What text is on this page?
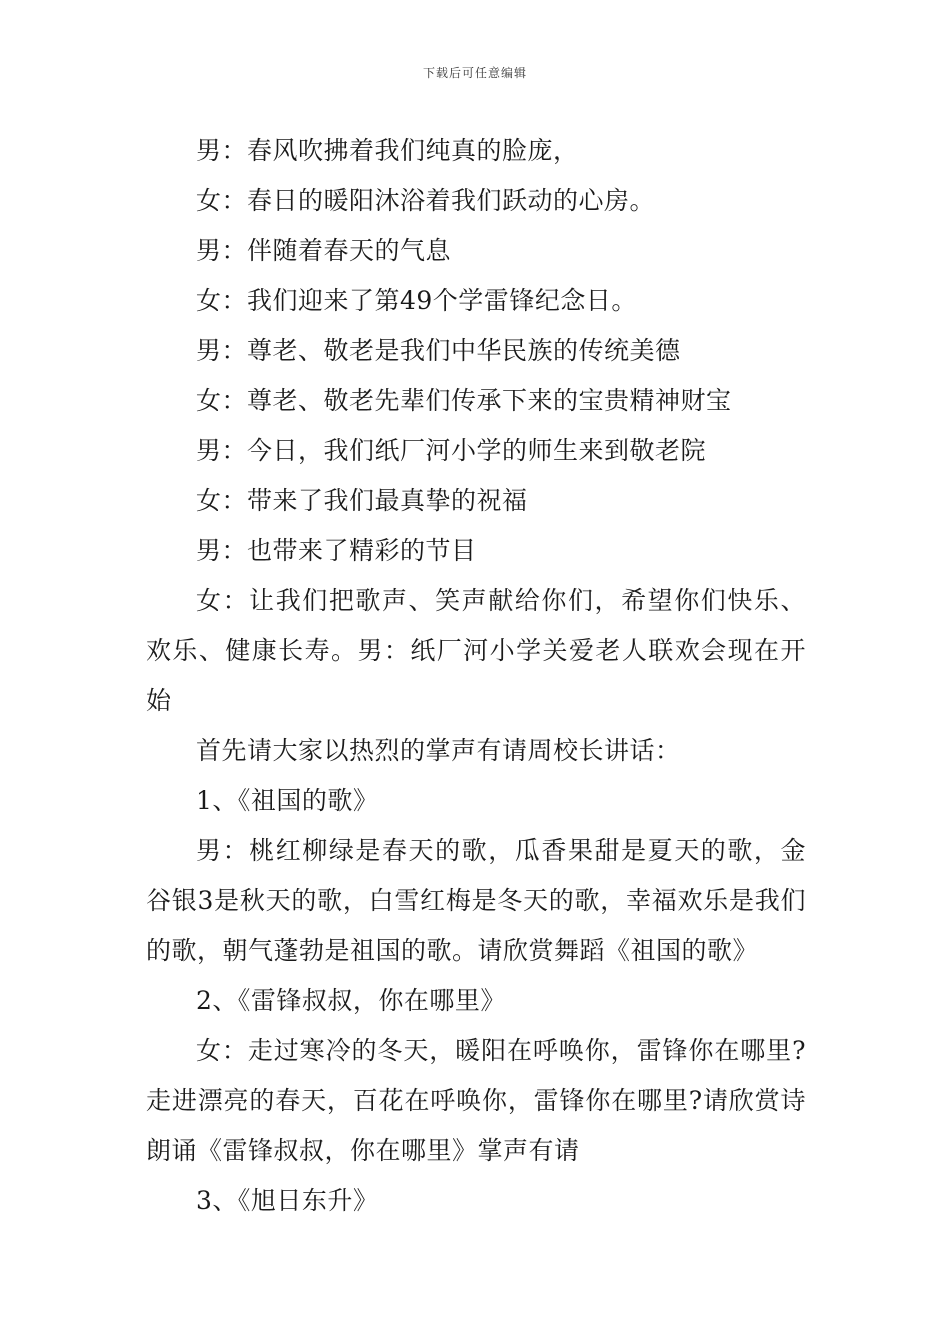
下载后可任意编辑

男：春风吹拂着我们纯真的脸庞，

女：春日的暖阳沐浴着我们跃动的心房。

男：伴随着春天的气息

女：我们迎来了第49个学雷锋纪念日。

男：尊老、敬老是我们中华民族的传统美德

女：尊老、敬老先辈们传承下来的宝贵精神财宝

男：今日，我们纸厂河小学的师生来到敬老院

女：带来了我们最真挚的祝福

男：也带来了精彩的节目

女：让我们把歌声、笑声献给你们，希望你们快乐、欢乐、健康长寿。男：纸厂河小学关爱老人联欢会现在开始

首先请大家以热烈的掌声有请周校长讲话：

1、《祖国的歌》

男：桃红柳绿是春天的歌，瓜香果甜是夏天的歌，金谷银3是秋天的歌，白雪红梅是冬天的歌，幸福欢乐是我们的歌，朝气蓬勃是祖国的歌。请欣赏舞蹈《祖国的歌》

2、《雷锋叔叔，你在哪里》

女：走过寒冷的冬天，暖阳在呼唤你，雷锋你在哪里?走进漂亮的春天，百花在呼唤你，雷锋你在哪里?请欣赏诗朗诵《雷锋叔叔，你在哪里》掌声有请

3、《旭日东升》
